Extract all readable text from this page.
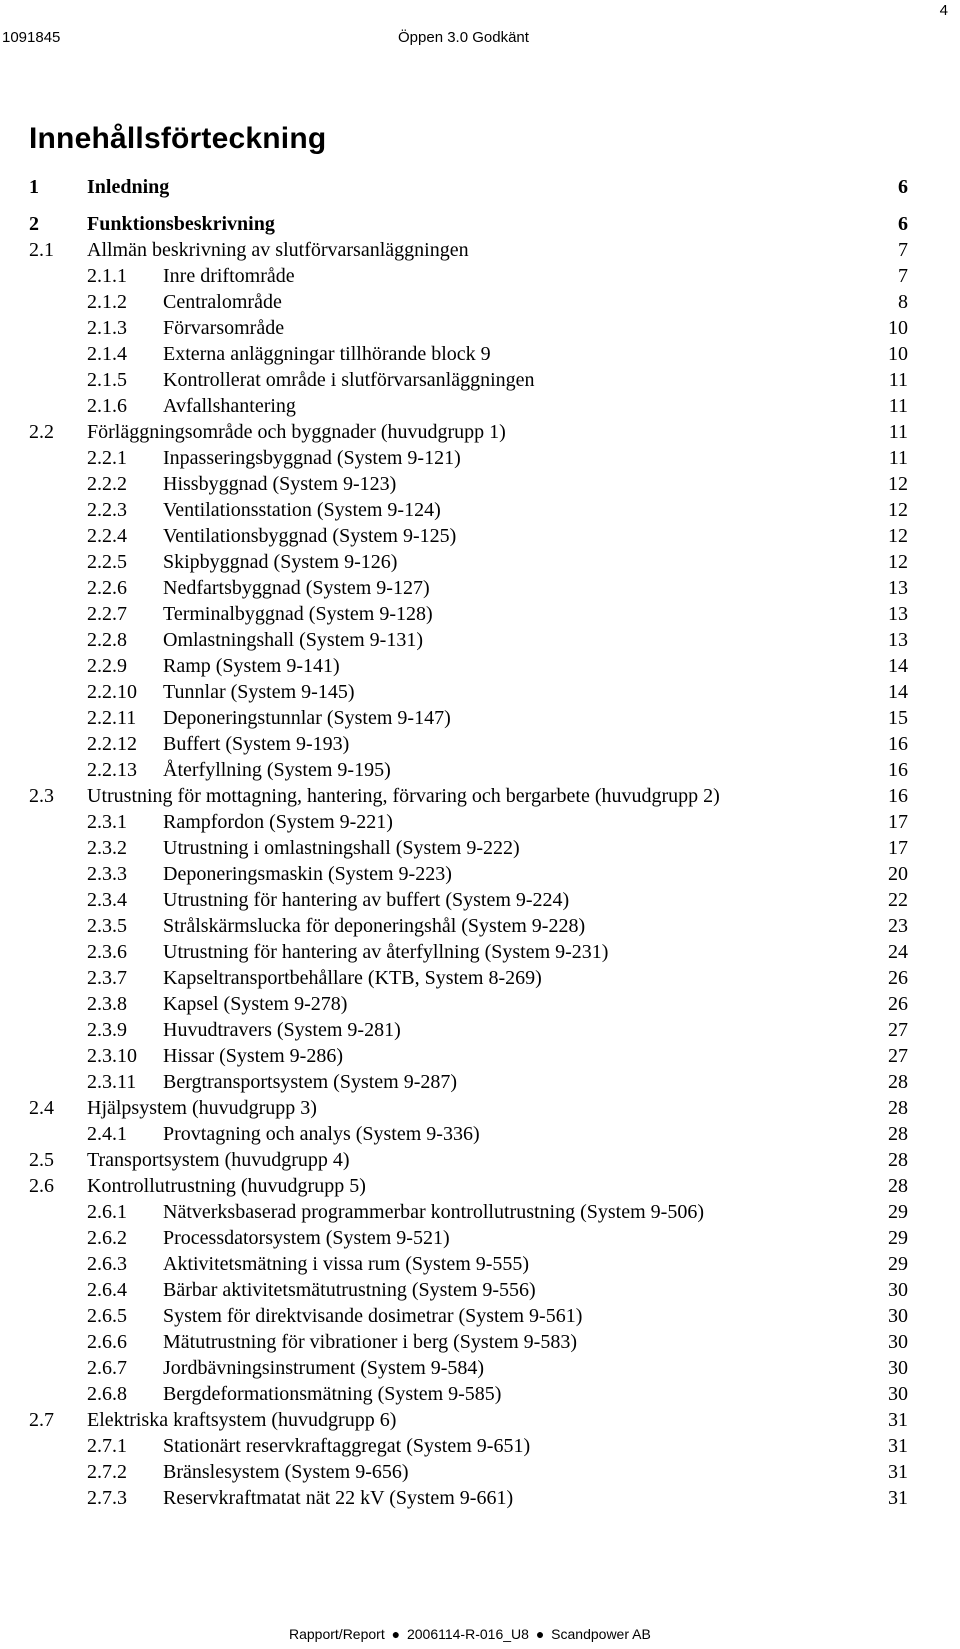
4
1091845	Öppen 3.0 Godkänt
Innehållsförteckning
1 Inledning	6
2 Funktionsbeskrivning	6
2.1 Allmän beskrivning av slutförvarsanläggningen	7
2.1.1 Inre driftområde	7
2.1.2 Centralområde	8
2.1.3 Förvarsområde	10
2.1.4 Externa anläggningar tillhörande block 9	10
2.1.5 Kontrollerat område i slutförvarsanläggningen	11
2.1.6 Avfallshantering	11
2.2 Förläggningsområde och byggnader (huvudgrupp 1)	11
2.2.1 Inpasseringsbyggnad (System 9-121)	11
2.2.2 Hissbyggnad (System 9-123)	12
2.2.3 Ventilationsstation (System 9-124)	12
2.2.4 Ventilationsbyggnad (System 9-125)	12
2.2.5 Skipbyggnad (System 9-126)	12
2.2.6 Nedfartsbyggnad (System 9-127)	13
2.2.7 Terminalbyggnad (System 9-128)	13
2.2.8 Omlastningshall (System 9-131)	13
2.2.9 Ramp (System 9-141)	14
2.2.10 Tunnlar (System 9-145)	14
2.2.11 Deponeringstunnlar (System 9-147)	15
2.2.12 Buffert (System 9-193)	16
2.2.13 Återfyllning (System 9-195)	16
2.3 Utrustning för mottagning, hantering, förvaring och bergarbete (huvudgrupp 2)	16
2.3.1 Rampfordon (System 9-221)	17
2.3.2 Utrustning i omlastningshall (System 9-222)	17
2.3.3 Deponeringsmaskin (System 9-223)	20
2.3.4 Utrustning för hantering av buffert (System 9-224)	22
2.3.5 Strålskärmslucka för deponeringshål (System 9-228)	23
2.3.6 Utrustning för hantering av återfyllning (System 9-231)	24
2.3.7 Kapseltransportbehållare (KTB, System 8-269)	26
2.3.8 Kapsel (System 9-278)	26
2.3.9 Huvudtravers (System 9-281)	27
2.3.10 Hissar (System 9-286)	27
2.3.11 Bergtransportsystem (System 9-287)	28
2.4 Hjälpsystem (huvudgrupp 3)	28
2.4.1 Provtagning och analys (System 9-336)	28
2.5 Transportsystem (huvudgrupp 4)	28
2.6 Kontrollutrustning (huvudgrupp 5)	28
2.6.1 Nätverksbaserad programmerbar kontrollutrustning (System 9-506)	29
2.6.2 Processdatorsystem (System 9-521)	29
2.6.3 Aktivitetsmätning i vissa rum (System 9-555)	29
2.6.4 Bärbar aktivitetsmätutrustning (System 9-556)	30
2.6.5 System för direktvisande dosimetrar (System 9-561)	30
2.6.6 Mätutrustning för vibrationer i berg (System 9-583)	30
2.6.7 Jordbävningsinstrument (System 9-584)	30
2.6.8 Bergdeformationsmätning (System 9-585)	30
2.7 Elektriska kraftsystem (huvudgrupp 6)	31
2.7.1 Stationärt reservkraftaggregat (System 9-651)	31
2.7.2 Bränslesystem (System 9-656)	31
2.7.3 Reservkraftmatat nät 22 kV (System 9-661)	31
Rapport/Report ● 2006114-R-016_U8 ● Scandpower AB
